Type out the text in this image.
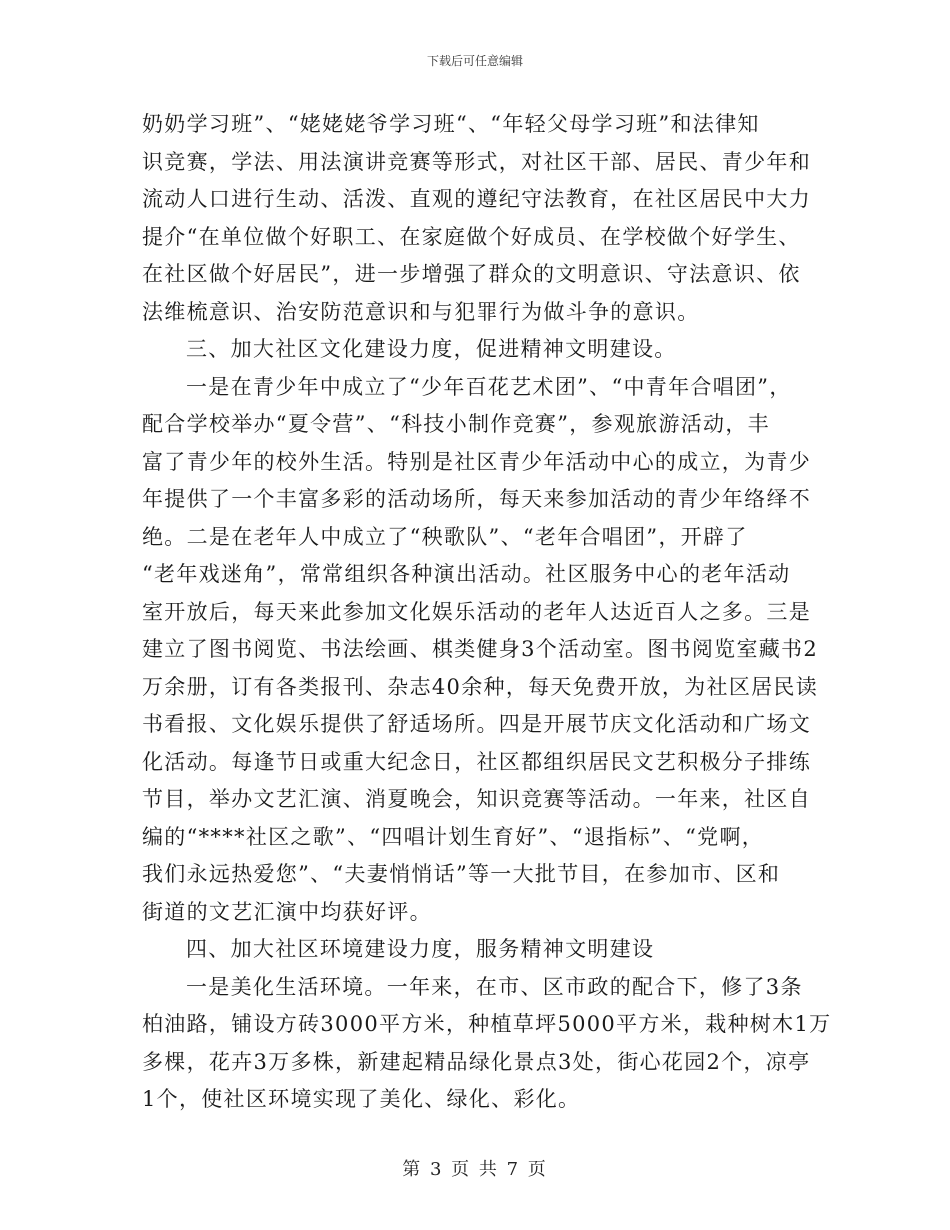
下载后可任意编辑
奶奶学习班”、“姥姥姥爷学习班“、“年轻父母学习班”和法律知
识竞赛，学法、用法演讲竞赛等形式，对社区干部、居民、青少年和
流动人口进行生动、活泼、直观的遵纪守法教育，在社区居民中大力
提介“在单位做个好职工、在家庭做个好成员、在学校做个好学生、
在社区做个好居民”，进一步增强了群众的文明意识、守法意识、依
法维梳意识、治安防范意识和与犯罪行为做斗争的意识。
三、加大社区文化建设力度，促进精神文明建设。
一是在青少年中成立了“少年百花艺术团”、“中青年合唱团”，
配合学校举办“夏令营”、“科技小制作竞赛”，参观旅游活动，丰
富了青少年的校外生活。特别是社区青少年活动中心的成立，为青少
年提供了一个丰富多彩的活动场所，每天来参加活动的青少年络绎不
绝。二是在老年人中成立了“秧歌队”、“老年合唱团”，开辟了
“老年戏迷角”，常常组织各种演出活动。社区服务中心的老年活动
室开放后，每天来此参加文化娱乐活动的老年人达近百人之多。三是
建立了图书阅览、书法绘画、棋类健身3个活动室。图书阅览室藏书2
万余册，订有各类报刊、杂志40余种，每天免费开放，为社区居民读
书看报、文化娱乐提供了舒适场所。四是开展节庆文化活动和广场文
化活动。每逢节日或重大纪念日，社区都组织居民文艺积极分子排练
节目，举办文艺汇演、消夏晚会，知识竞赛等活动。一年来，社区自
编的“****社区之歌”、“四唱计划生育好”、“退指标”、“党啊，
我们永远热爱您”、“夫妻悄悄话”等一大批节目，在参加市、区和
街道的文艺汇演中均获好评。
四、加大社区环境建设力度，服务精神文明建设
一是美化生活环境。一年来，在市、区市政的配合下，修了3条
柏油路，铺设方砖3000平方米，种植草坪5000平方米，栽种树木1万
多棵，花卉3万多株，新建起精品绿化景点3处，街心花园2个，凉亭
1个，使社区环境实现了美化、绿化、彩化。
第 3 页 共 7 页
